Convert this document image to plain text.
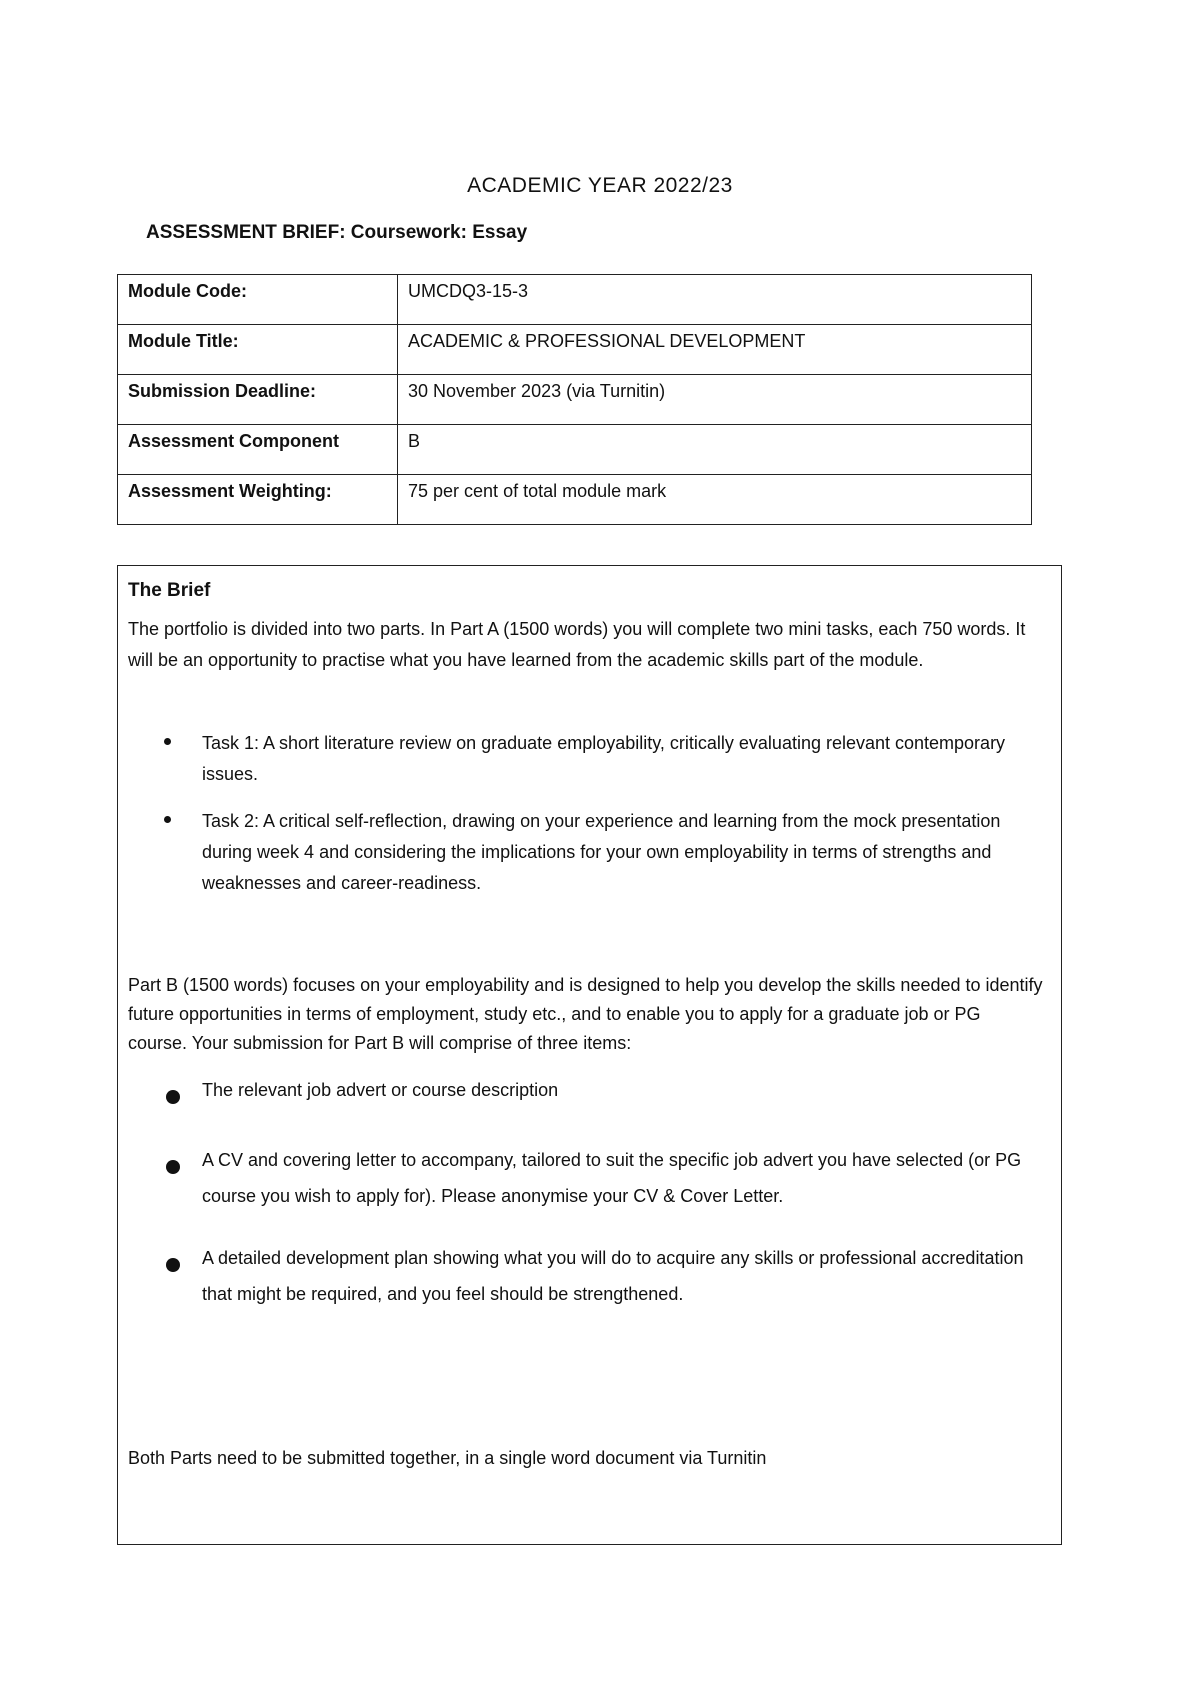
ACADEMIC YEAR 2022/23
ASSESSMENT BRIEF: Coursework: Essay
Module Code:	UMCDQ3-15-3
Module Title:	ACADEMIC & PROFESSIONAL DEVELOPMENT
Submission Deadline:	30 November 2023 (via Turnitin)
Assessment Component	B
Assessment Weighting:	75 per cent of total module mark
The Brief
The portfolio is divided into two parts. In Part A (1500 words) you will complete two mini tasks, each 750 words. It will be an opportunity to practise what you have learned from the academic skills part of the module.
Task 1: A short literature review on graduate employability, critically evaluating relevant contemporary issues.
Task 2: A critical self-reflection, drawing on your experience and learning from the mock presentation during week 4 and considering the implications for your own employability in terms of strengths and weaknesses and career-readiness.
Part B (1500 words) focuses on your employability and is designed to help you develop the skills needed to identify future opportunities in terms of employment, study etc., and to enable you to apply for a graduate job or PG course. Your submission for Part B will comprise of three items:
The relevant job advert or course description
A CV and covering letter to accompany, tailored to suit the specific job advert you have selected (or PG course you wish to apply for). Please anonymise your CV & Cover Letter.
A detailed development plan showing what you will do to acquire any skills or professional accreditation that might be required, and you feel should be strengthened.
Both Parts need to be submitted together, in a single word document via Turnitin
